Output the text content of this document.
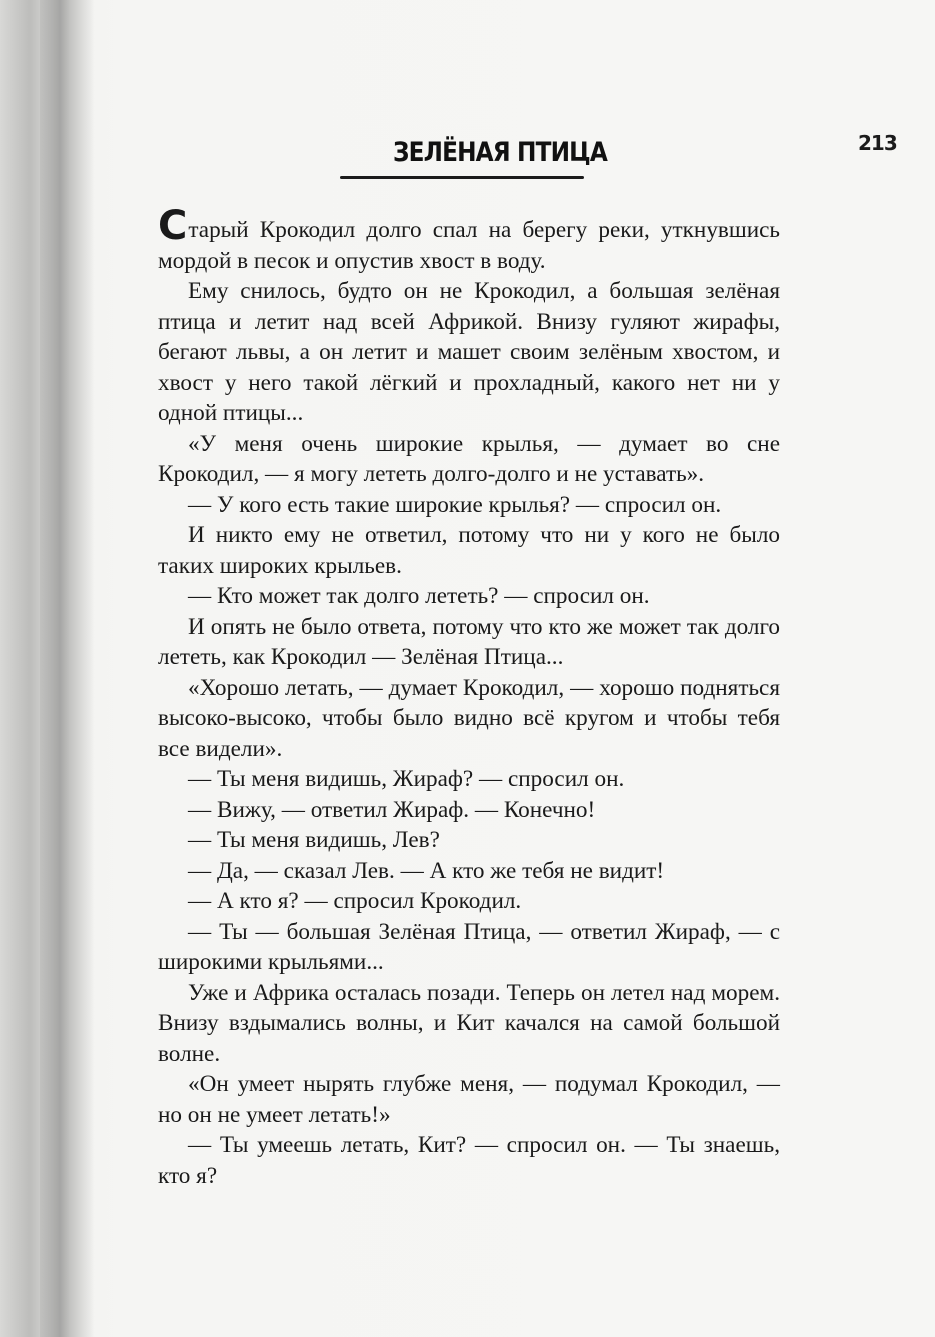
213
ЗЕЛЁНАЯ ПТИЦА

Старый Крокодил долго спал на берегу реки, уткнувшись мордой в песок и опустив хвост в воду.

Ему снилось, будто он не Крокодил, а большая зелёная птица и летит над всей Африкой. Внизу гуляют жирафы, бегают львы, а он летит и машет своим зелёным хвостом, и хвост у него такой лёгкий и прохладный, какого нет ни у одной птицы...

«У меня очень широкие крылья, — думает во сне Крокодил, — я могу лететь долго-долго и не уставать».

— У кого есть такие широкие крылья? — спросил он.

И никто ему не ответил, потому что ни у кого не было таких широких крыльев.

— Кто может так долго лететь? — спросил он.

И опять не было ответа, потому что кто же может так долго лететь, как Крокодил — Зелёная Птица...

«Хорошо летать, — думает Крокодил, — хорошо подняться высоко-высоко, чтобы было видно всё кругом и чтобы тебя все видели».

— Ты меня видишь, Жираф? — спросил он.

— Вижу, — ответил Жираф. — Конечно!

— Ты меня видишь, Лев?

— Да, — сказал Лев. — А кто же тебя не видит!

— А кто я? — спросил Крокодил.

— Ты — большая Зелёная Птица, — ответил Жираф, — с широкими крыльями...

Уже и Африка осталась позади. Теперь он летел над морем. Внизу вздымались волны, и Кит качался на самой большой волне.

«Он умеет нырять глубже меня, — подумал Крокодил, — но он не умеет летать!»

— Ты умеешь летать, Кит? — спросил он. — Ты знаешь, кто я?
